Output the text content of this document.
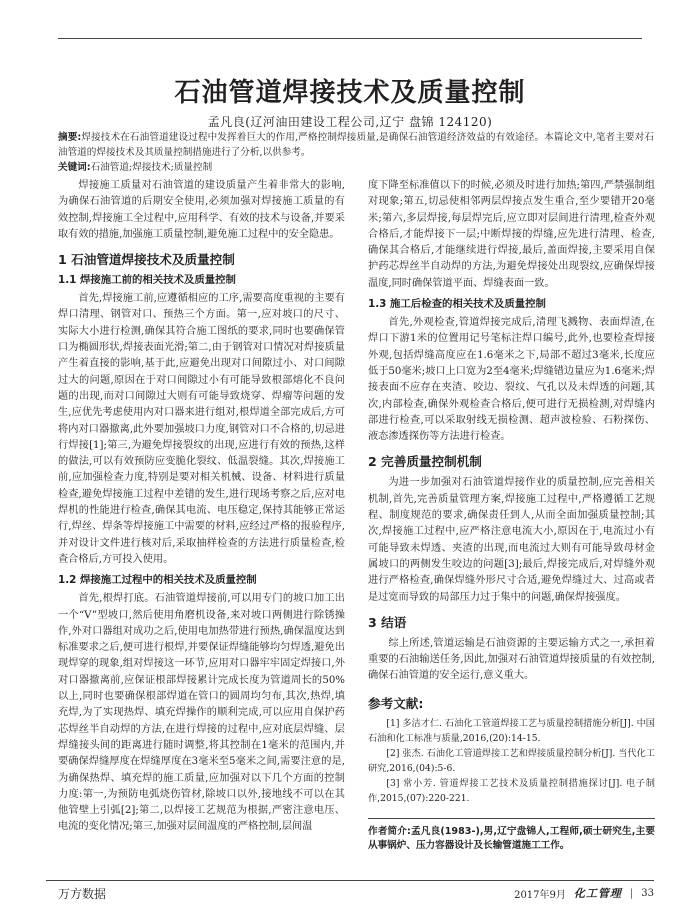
石油管道焊接技术及质量控制
孟凡良(辽河油田建设工程公司,辽宁 盘锦 124120)

摘要:焊接技术在石油管道建设过程中发挥着巨大的作用,严格控制焊接质量,是确保石油管道经济效益的有效途径。本篇论文中,笔者主要对石油管道的焊接技术及其质量控制措施进行了分析,以供参考。

关键词:石油管道;焊接技术;质量控制

焊接施工质量对石油管道的建设质量产生着非常大的影响,为确保石油管道的后期安全使用,必须加强对焊接施工质量的有效控制,焊接施工全过程中,应用科学、有效的技术与设备,并要采取有效的措施,加强施工质量控制,避免施工过程中的安全隐患。

1 石油管道焊接技术及质量控制
1.1 焊接施工前的相关技术及质量控制

首先,焊接施工前,应遵循相应的工序,需要高度重视的主要有焊口清理、钢管对口、预热三个方面。第一,应对坡口的尺寸、实际大小进行检测,确保其符合施工图纸的要求,同时也要确保管口为椭圆形状,焊接表面光滑;第二,由于钢管对口情况对焊接质量产生着直接的影响,基于此,应避免出现对口间隙过小、对口间隙过大的问题,原因在于对口间隙过小有可能导致根部熔化不良问题的出现,而对口间隙过大则有可能导致烧穿、焊瘤等问题的发生,应优先考虑使用内对口器来进行组对,根焊道全部完成后,方可将内对口器撤离,此外要加强坡口力度,钢管对口不合格的,切忌进行焊接[1];第三,为避免焊接裂纹的出现,应进行有效的预热,这样的做法,可以有效预防应变脆化裂纹、低温裂缝。其次,焊接施工前,应加强检查力度,特别是要对相关机械、设备、材料进行质量检查,避免焊接施工过程中差错的发生,进行现场考察之后,应对电焊机的性能进行检查,确保其电流、电压稳定,保持其能够正常运行,焊丝、焊条等焊接施工中需要的材料,应经过严格的报验程序,并对设计文件进行核对后,采取抽样检查的方法进行质量检查,检查合格后,方可投入使用。

1.2 焊接施工过程中的相关技术及质量控制

首先,根焊打底。石油管道焊接前,可以用专门的坡口加工出一个“V”型坡口,然后使用角磨机设备,来对坡口两侧进行除锈操作,外对口器组对成功之后,使用电加热带进行预热,确保温度达到标准要求之后,便可进行根焊,并要保证焊缝能够均匀焊透,避免出现焊穿的现象,组对焊接这一环节,应用对口器牢牢固定焊接口,外对口器撤离前,应保证根部焊接累计完成长度为管道周长的50%以上,同时也要确保根部焊道在管口的圆周均匀布,其次,热焊,填充焊,为了实现热焊、填充焊操作的顺利完成,可以应用自保护药芯焊丝半自动焊的方法,在进行焊接的过程中,应对底层焊缝、层焊缝接头间的距离进行随时调整,将其控制在1毫米的范围内,并要确保焊缝厚度在焊缝厚度在3毫米至5毫米之间,需要注意的是,为确保热焊、填充焊的施工质量,应加强对以下几个方面的控制力度:第一,为预防电弧烧伤管材,除坡口以外,接地线不可以在其他管壁上引弧[2];第二,以焊接工艺规范为根据,严密注意电压、电流的变化情况;第三,加强对层间温度的严格控制,层间温

度下降至标准值以下的时候,必须及时进行加热;第四,严禁强制组对现象;第五,切忌使相邻两层焊接点发生重合,至少要错开20毫米;第六,多层焊接,每层焊完后,应立即对层间进行清理,检查外观合格后,才能焊接下一层;中断焊接的焊缝,应先进行清理、检查,确保其合格后,才能继续进行焊接,最后,盖面焊接,主要采用自保护药芯焊丝半自动焊的方法,为避免焊接处出现裂纹,应确保焊接温度,同时确保管道平面、焊缝表面一致。

1.3 施工后检查的相关技术及质量控制

首先,外观检查,管道焊接完成后,清理飞溅物、表面焊渣,在焊口下游1米的位置用记号笔标注焊口编号,此外,也要检查焊接外观,包括焊缝高度应在1.6毫米之下,局部不超过3毫米,长度应低于50毫米;坡口上口宽为2至4毫米;焊缝错边量应为1.6毫米;焊接表面不应存在夹渣、咬边、裂纹、气孔以及未焊透的问题,其次,内部检查,确保外观检查合格后,便可进行无损检测,对焊缝内部进行检查,可以采取射线无损检测、超声波检验、石粉探伤、液态渗透探伤等方法进行检查。

2 完善质量控制机制

为进一步加强对石油管道焊接作业的质量控制,应完善相关机制,首先,完善质量管理方案,焊接施工过程中,严格遵循工艺规程、制度规范的要求,确保责任到人,从而全面加强质量控制;其次,焊接施工过程中,应严格注意电流大小,原因在于,电流过小有可能导致未焊透、夹渣的出现,而电流过大则有可能导致母材金属坡口的两侧发生咬边的问题[3];最后,焊接完成后,对焊缝外观进行严格检查,确保焊缝外形尺寸合适,避免焊缝过大、过高或者是过宽而导致的局部压力过于集中的问题,确保焊接强度。

3 结语

综上所述,管道运输是石油资源的主要运输方式之一,承担着重要的石油输送任务,因此,加强对石油管道焊接质量的有效控制,确保石油管道的安全运行,意义重大。

参考文献:

[1] 多洁才仁. 石油化工管道焊接工艺与质量控制措施分析[J]. 中国石油和化工标准与质量,2016,(20):14-15.

[2] 张杰. 石油化工管道焊接工艺和焊接质量控制分析[J]. 当代化工研究,2016,(04):5-6.

[3] 常小芳. 管道焊接工艺技术及质量控制措施探讨[J]. 电子制作,2015,(07):220-221.

作者简介:孟凡良(1983-),男,辽宁盘锦人,工程师,硕士研究生,主要从事锅炉、压力容器设计及长输管道施工工作。
万方数据	2017年9月 化工管理 | 33
